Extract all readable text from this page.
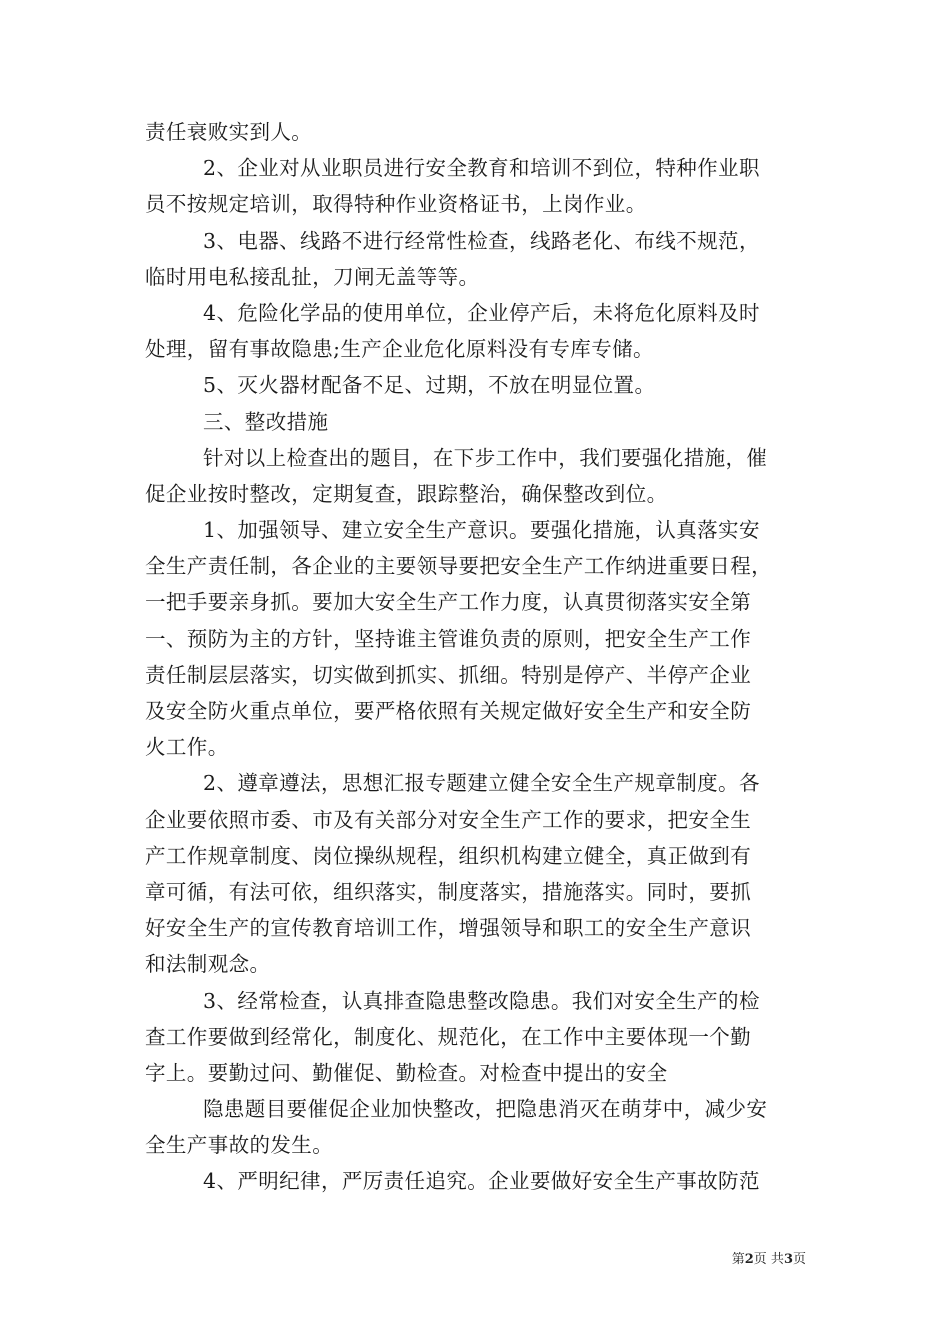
责任衰败实到人。
2、企业对从业职员进行安全教育和培训不到位，特种作业职
员不按规定培训，取得特种作业资格证书，上岗作业。
3、电器、线路不进行经常性检查，线路老化、布线不规范，
临时用电私接乱扯，刀闸无盖等等。
4、危险化学品的使用单位，企业停产后，未将危化原料及时
处理，留有事故隐患;生产企业危化原料没有专库专储。
5、灭火器材配备不足、过期，不放在明显位置。
三、整改措施
针对以上检查出的题目，在下步工作中，我们要强化措施，催
促企业按时整改，定期复查，跟踪整治，确保整改到位。
1、加强领导、建立安全生产意识。要强化措施，认真落实安
全生产责任制，各企业的主要领导要把安全生产工作纳进重要日程，
一把手要亲身抓。要加大安全生产工作力度，认真贯彻落实安全第
一、预防为主的方针，坚持谁主管谁负责的原则，把安全生产工作
责任制层层落实，切实做到抓实、抓细。特别是停产、半停产企业
及安全防火重点单位，要严格依照有关规定做好安全生产和安全防
火工作。
2、遵章遵法，思想汇报专题建立健全安全生产规章制度。各
企业要依照市委、市及有关部分对安全生产工作的要求，把安全生
产工作规章制度、岗位操纵规程，组织机构建立健全，真正做到有
章可循，有法可依，组织落实，制度落实，措施落实。同时，要抓
好安全生产的宣传教育培训工作，增强领导和职工的安全生产意识
和法制观念。
3、经常检查，认真排查隐患整改隐患。我们对安全生产的检
查工作要做到经常化，制度化、规范化，在工作中主要体现一个勤
字上。要勤过问、勤催促、勤检查。对检查中提出的安全
隐患题目要催促企业加快整改，把隐患消灭在萌芽中，减少安
全生产事故的发生。
4、严明纪律，严厉责任追究。企业要做好安全生产事故防范
第2页 共3页
